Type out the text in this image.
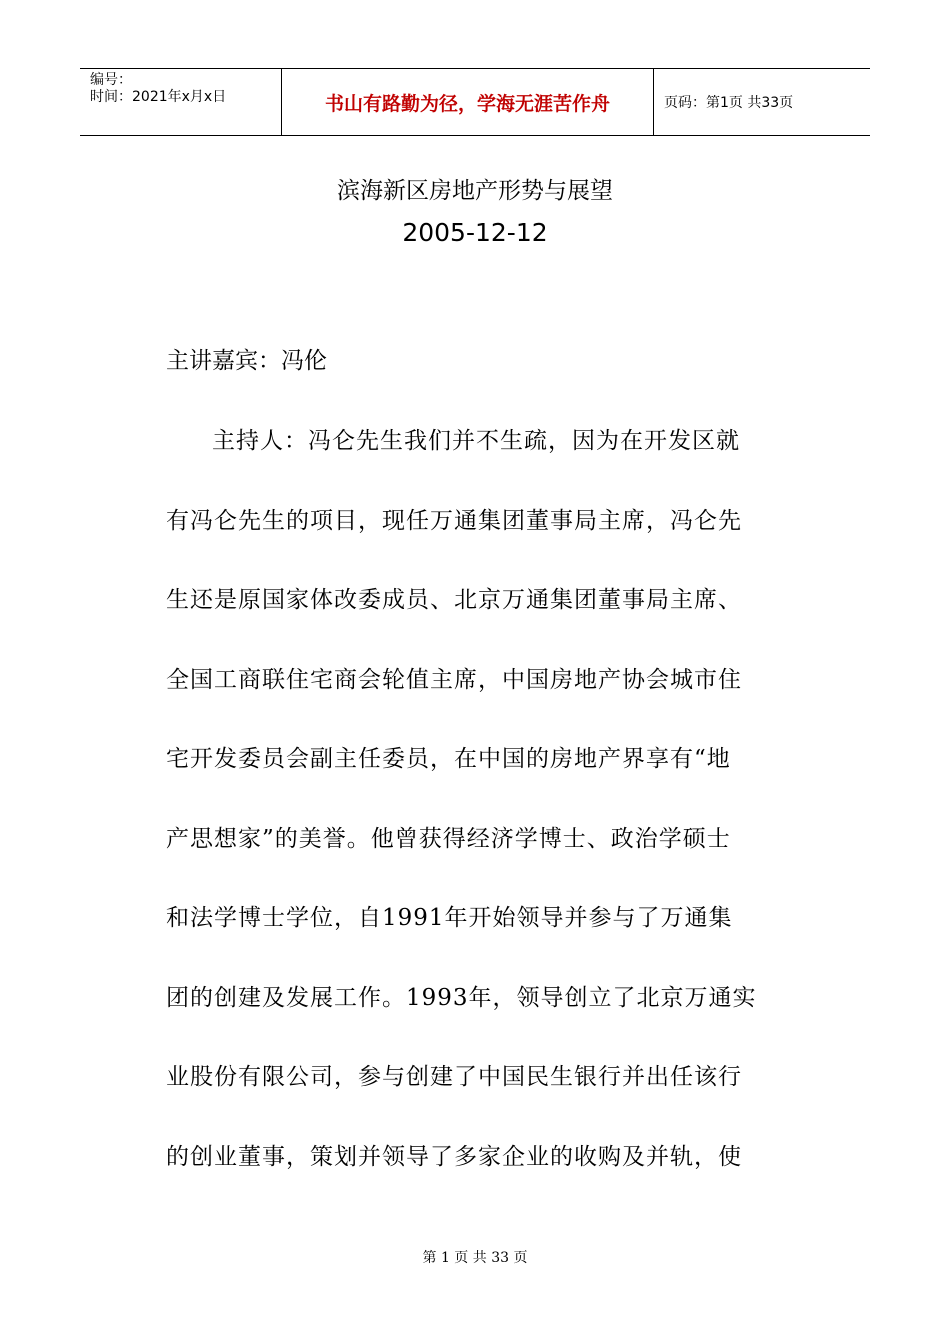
编号：
时间：2021年x月x日	书山有路勤为径，学海无涯苦作舟	页码：第1页 共33页
滨海新区房地产形势与展望
2005-12-12
主讲嘉宾：冯伦
主持人：冯仑先生我们并不生疏，因为在开发区就
有冯仑先生的项目，现任万通集团董事局主席，冯仑先
生还是原国家体改委成员、北京万通集团董事局主席、
全国工商联住宅商会轮值主席，中国房地产协会城市住
宅开发委员会副主任委员，在中国的房地产界享有“地
产思想家”的美誉。他曾获得经济学博士、政治学硕士
和法学博士学位，自1991年开始领导并参与了万通集
团的创建及发展工作。1993年，领导创立了北京万通实
业股份有限公司，参与创建了中国民生银行并出任该行
的创业董事，策划并领导了多家企业的收购及并轨，使
第 1 页 共 33 页
